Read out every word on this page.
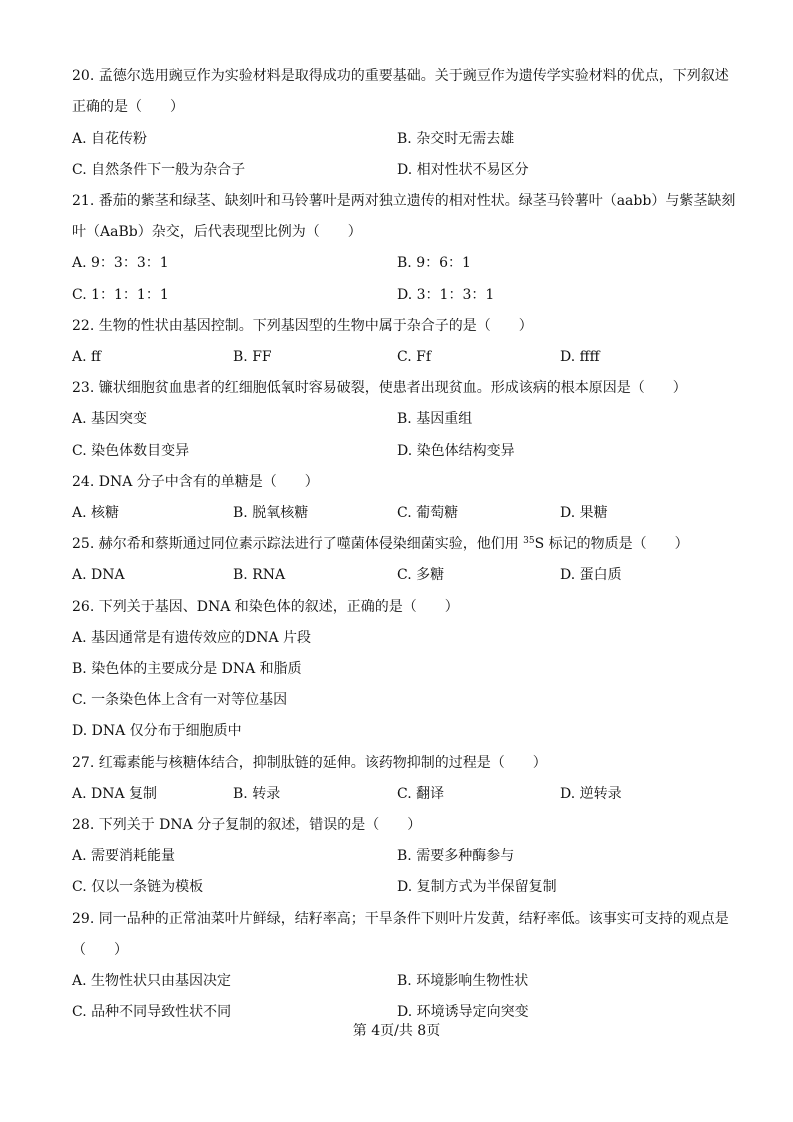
20. 孟德尔选用豌豆作为实验材料是取得成功的重要基础。关于豌豆作为遗传学实验材料的优点，下列叙述
正确的是（　　）
A. 自花传粉	B. 杂交时无需去雄
C. 自然条件下一般为杂合子	D. 相对性状不易区分
21. 番茄的紫茎和绿茎、缺刻叶和马铃薯叶是两对独立遗传的相对性状。绿茎马铃薯叶（aabb）与紫茎缺刻
叶（AaBb）杂交，后代表现型比例为（　　）
A. 9：3：3：1	B. 9：6：1
C. 1：1：1：1	D. 3：1：3：1
22. 生物的性状由基因控制。下列基因型的生物中属于杂合子的是（　　）
A. ff	B. FF	C. Ff	D. ffff
23. 镰状细胞贫血患者的红细胞低氧时容易破裂，使患者出现贫血。形成该病的根本原因是（　　）
A. 基因突变	B. 基因重组
C. 染色体数目变异	D. 染色体结构变异
24. DNA 分子中含有的单糖是（　　）
A. 核糖	B. 脱氧核糖	C. 葡萄糖	D. 果糖
25. 赫尔希和蔡斯通过同位素示踪法进行了噬菌体侵染细菌实验，他们用 $^{35}$S 标记的物质是（　　）
A. DNA	B. RNA	C. 多糖	D. 蛋白质
26. 下列关于基因、DNA 和染色体的叙述，正确的是（　　）
A. 基因通常是有遗传效应的DNA 片段
B. 染色体的主要成分是 DNA 和脂质
C. 一条染色体上含有一对等位基因
D. DNA 仅分布于细胞质中
27. 红霉素能与核糖体结合，抑制肽链的延伸。该药物抑制的过程是（　　）
A. DNA 复制	B. 转录	C. 翻译	D. 逆转录
28. 下列关于 DNA 分子复制的叙述，错误的是（　　）
A. 需要消耗能量	B. 需要多种酶参与
C. 仅以一条链为模板	D. 复制方式为半保留复制
29. 同一品种的正常油菜叶片鲜绿，结籽率高；干旱条件下则叶片发黄，结籽率低。该事实可支持的观点是
（　　）
A. 生物性状只由基因决定	B. 环境影响生物性状
C. 品种不同导致性状不同	D. 环境诱导定向突变
第 4页/共 8页
